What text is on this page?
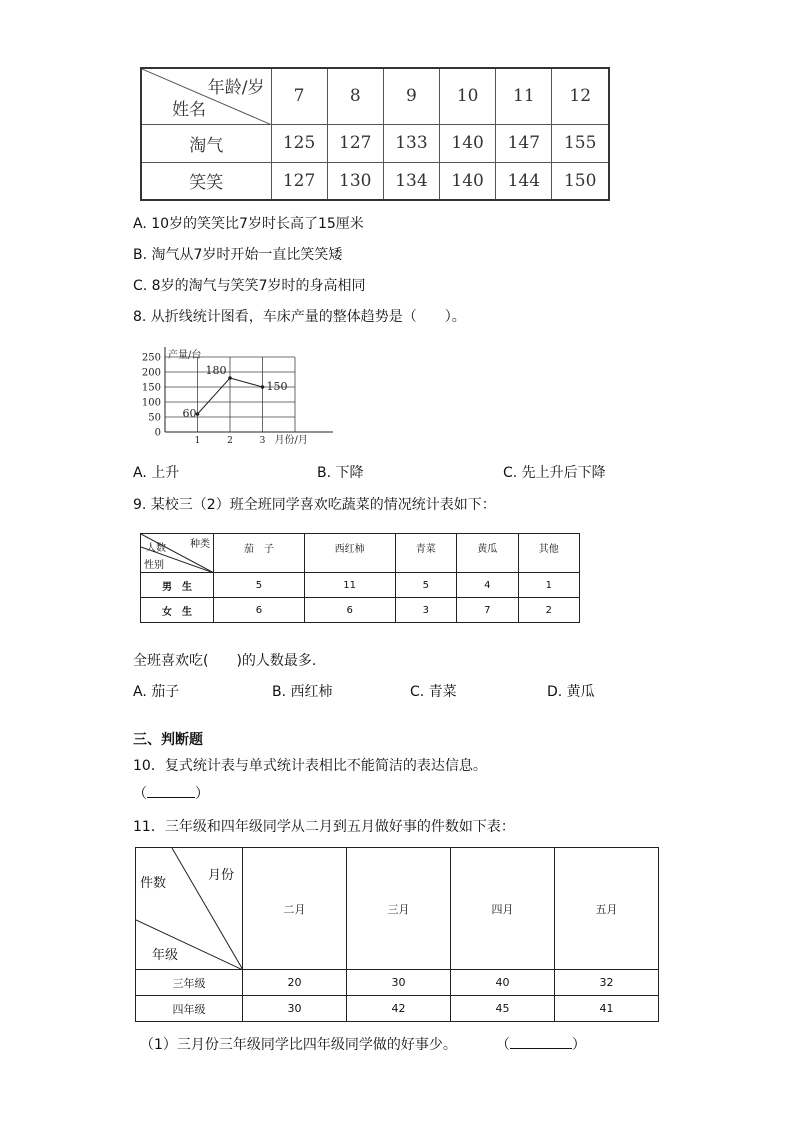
年龄/岁
姓名	7	8	9	10	11	12
淘气	125	127	133	140	147	155
笑笑	127	130	134	140	144	150
A. 10岁的笑笑比7岁时长高了15厘米
B. 淘气从7岁时开始一直比笑笑矮
C. 8岁的淘气与笑笑7岁时的身高相同
8. 从折线统计图看，车床产量的整体趋势是（　　）。
250
200
150
100
50
0
1	2	3
产量/台
月份/月
60
180
150
A. 上升	B. 下降	C. 先上升后下降
9. 某校三（2）班全班同学喜欢吃蔬菜的情况统计表如下：
种类
人数
性别	茄　子	西红柿	青菜	黄瓜	其他
男　生	5	11	5	4	1
女　生	6	6	3	7	2
全班喜欢吃(　　)的人数最多.
A. 茄子	B. 西红柿	C. 青菜	D. 黄瓜
三、判断题
10．复式统计表与单式统计表相比不能简洁的表达信息。
（	）
11．三年级和四年级同学从二月到五月做好事的件数如下表：
月份
件数
年级	二月	三月	四月	五月
三年级	20	30	40	32
四年级	30	42	45	41
（1）三月份三年级同学比四年级同学做的好事少。	（	）
